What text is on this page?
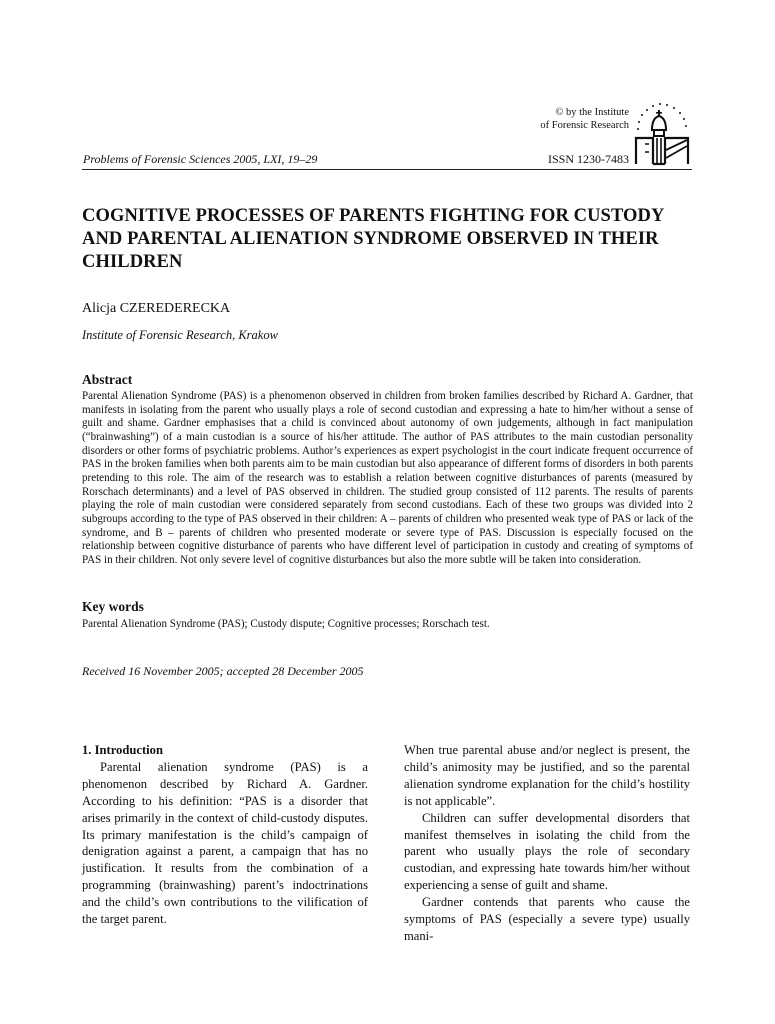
© by the Institute
of Forensic Research
Problems of Forensic Sciences 2005, LXI, 19–29	ISSN 1230-7483
COGNITIVE PROCESSES OF PARENTS FIGHTING FOR CUSTODY AND PARENTAL ALIENATION SYNDROME OBSERVED IN THEIR CHILDREN
Alicja CZEREDERECKA
Institute of Forensic Research, Krakow
Abstract

Parental Alienation Syndrome (PAS) is a phenomenon observed in children from broken families described by Richard A. Gardner, that manifests in isolating from the parent who usually plays a role of second custodian and expressing a hate to him/her without a sense of guilt and shame. Gardner emphasises that a child is convinced about autonomy of own judgements, although in fact manipulation (“brainwashing”) of a main custodian is a source of his/her attitude. The author of PAS attributes to the main custodian personality disorders or other forms of psychiatric problems. Author’s experiences as expert psychologist in the court indicate frequent occurrence of PAS in the broken families when both parents aim to be main custodian but also appearance of different forms of disorders in both parents pretending to this role. The aim of the research was to establish a relation between cognitive disturbances of parents (measured by Rorschach determinants) and a level of PAS observed in children. The studied group consisted of 112 parents. The results of parents playing the role of main custodian were considered separately from second custodians. Each of these two groups was divided into 2 subgroups according to the type of PAS observed in their children: A – parents of children who presented weak type of PAS or lack of the syndrome, and B – parents of children who presented moderate or severe type of PAS. Discussion is especially focused on the relationship between cognitive disturbance of parents who have different level of participation in custody and creating of symptoms of PAS in their children. Not only severe level of cognitive disturbances but also the more subtle will be taken into consideration.

Key words

Parental Alienation Syndrome (PAS); Custody dispute; Cognitive processes; Rorschach test.

Received 16 November 2005; accepted 28 December 2005

1. Introduction

Parental alienation syndrome (PAS) is a phenomenon described by Richard A. Gardner. According to his definition: “PAS is a disorder that arises primarily in the context of child-custody disputes. Its primary manifestation is the child’s campaign of denigration against a parent, a campaign that has no justification. It results from the combination of a programming (brainwashing) parent’s indoctrinations and the child’s own contributions to the vilification of the target parent.

When true parental abuse and/or neglect is present, the child’s animosity may be justified, and so the parental alienation syndrome explanation for the child’s hostility is not applicable”.

Children can suffer developmental disorders that manifest themselves in isolating the child from the parent who usually plays the role of secondary custodian, and expressing hate towards him/her without experiencing a sense of guilt and shame.

Gardner contends that parents who cause the symptoms of PAS (especially a severe type) usually mani-
